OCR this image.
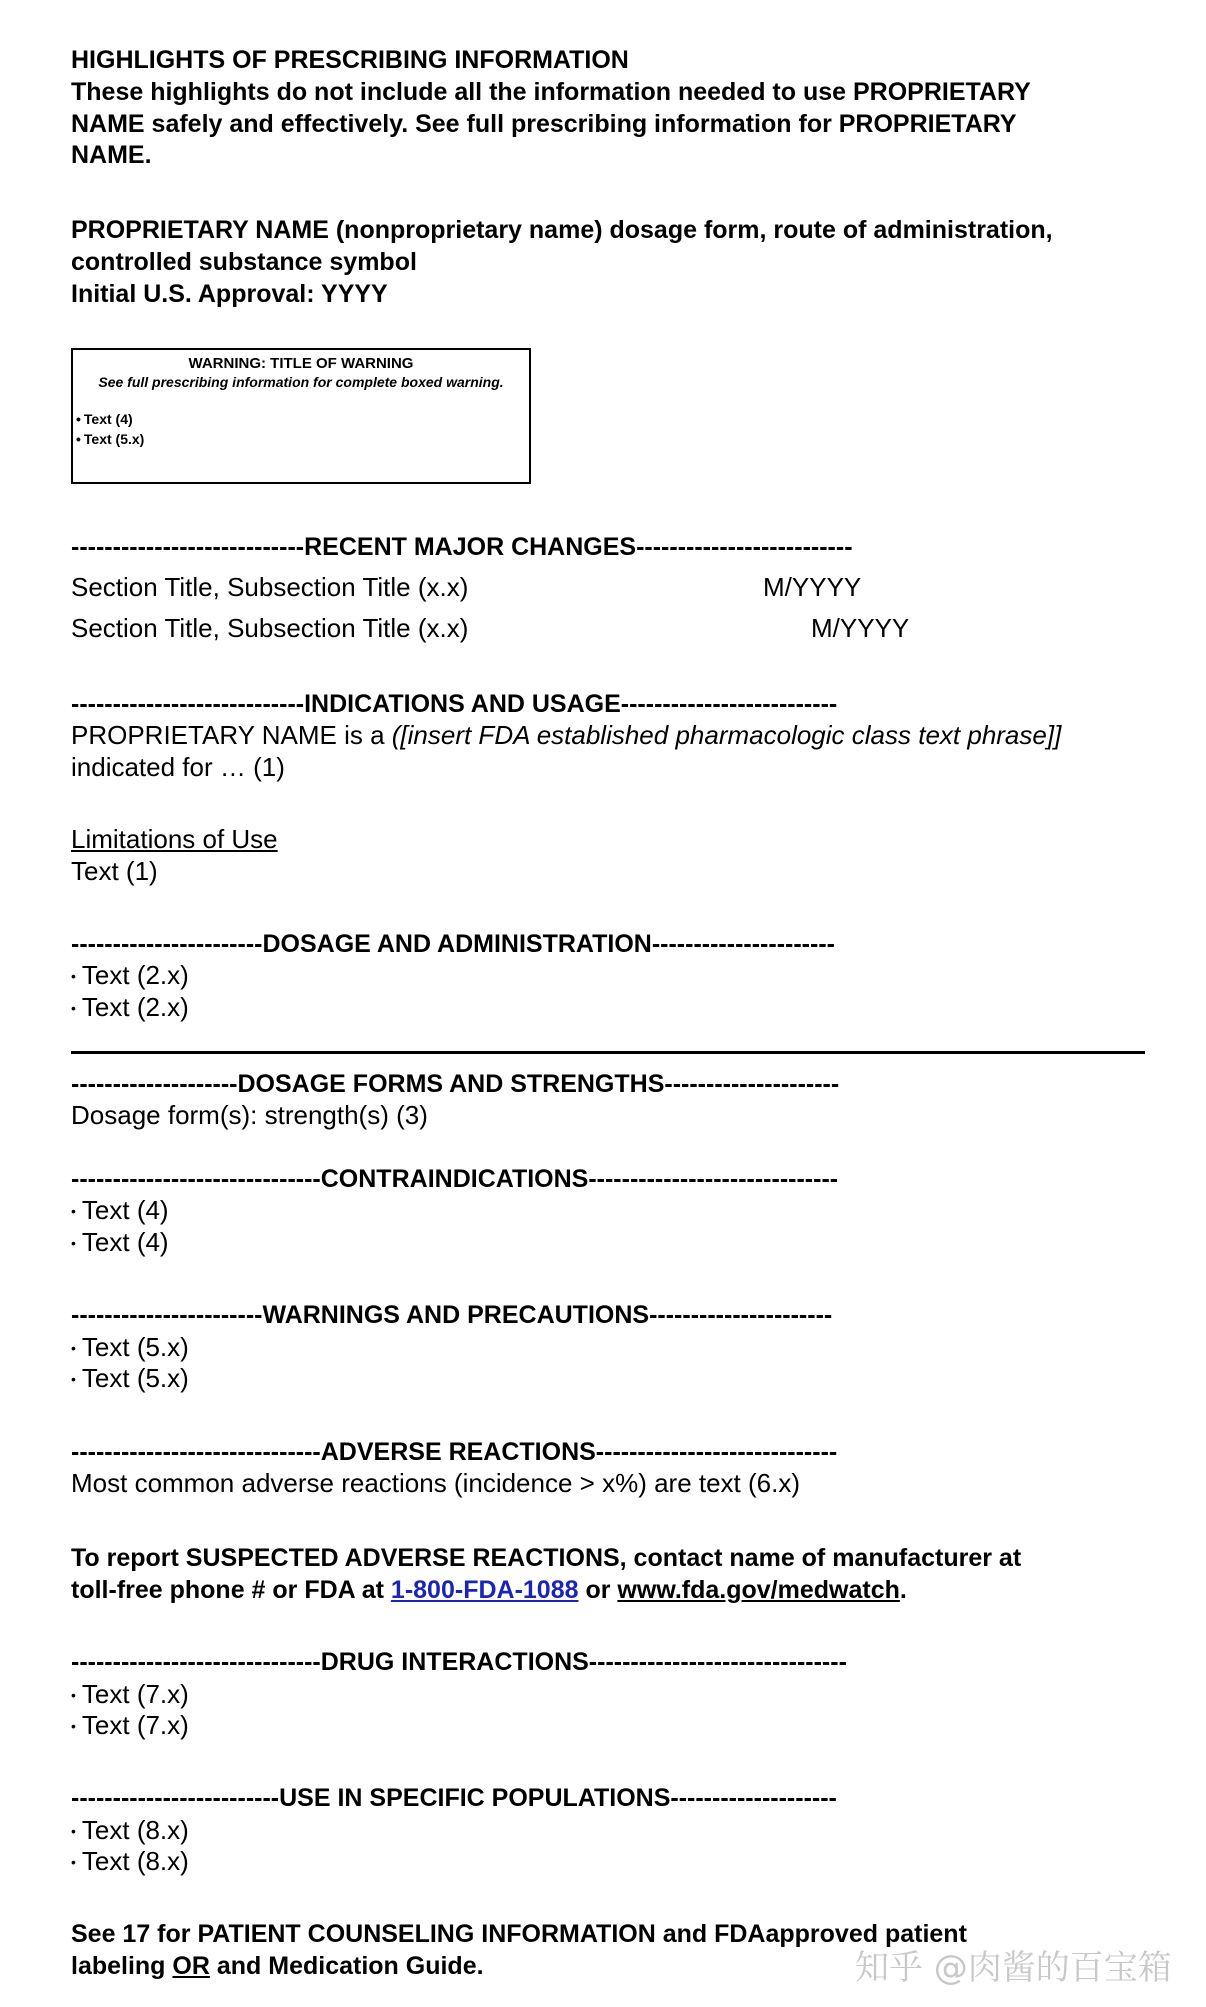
HIGHLIGHTS OF PRESCRIBING INFORMATION

These highlights do not include all the information needed to use PROPRIETARY

NAME safely and effectively. See full prescribing information for PROPRIETARY

NAME.

PROPRIETARY NAME (nonproprietary name) dosage form, route of administration,

controlled substance symbol

Initial U.S. Approval: YYYY

WARNING: TITLE OF WARNING
See full prescribing information for complete boxed warning.
• Text (4)
• Text (5.x)

----------------------------RECENT MAJOR CHANGES--------------------------

Section Title, Subsection Title (x.x)	M/YYYY

Section Title, Subsection Title (x.x)	M/YYYY

----------------------------INDICATIONS AND USAGE--------------------------

PROPRIETARY NAME is a ([insert FDA established pharmacologic class text phrase]]

indicated for … (1)

Limitations of Use

Text (1)

-----------------------DOSAGE AND ADMINISTRATION----------------------

• Text (2.x)

• Text (2.x)

--------------------DOSAGE FORMS AND STRENGTHS---------------------

Dosage form(s): strength(s) (3)

------------------------------CONTRAINDICATIONS------------------------------

• Text (4)

• Text (4)

-----------------------WARNINGS AND PRECAUTIONS----------------------

• Text (5.x)

• Text (5.x)

------------------------------ADVERSE REACTIONS-----------------------------

Most common adverse reactions (incidence > x%) are text (6.x)

To report SUSPECTED ADVERSE REACTIONS, contact name of manufacturer at

toll-free phone # or FDA at 1-800-FDA-1088 or www.fda.gov/medwatch.

------------------------------DRUG INTERACTIONS-------------------------------

• Text (7.x)

• Text (7.x)

-------------------------USE IN SPECIFIC POPULATIONS--------------------

• Text (8.x)

• Text (8.x)

See 17 for PATIENT COUNSELING INFORMATION and FDAapproved patient

labeling OR and Medication Guide.	知乎 @肉酱的百宝箱
